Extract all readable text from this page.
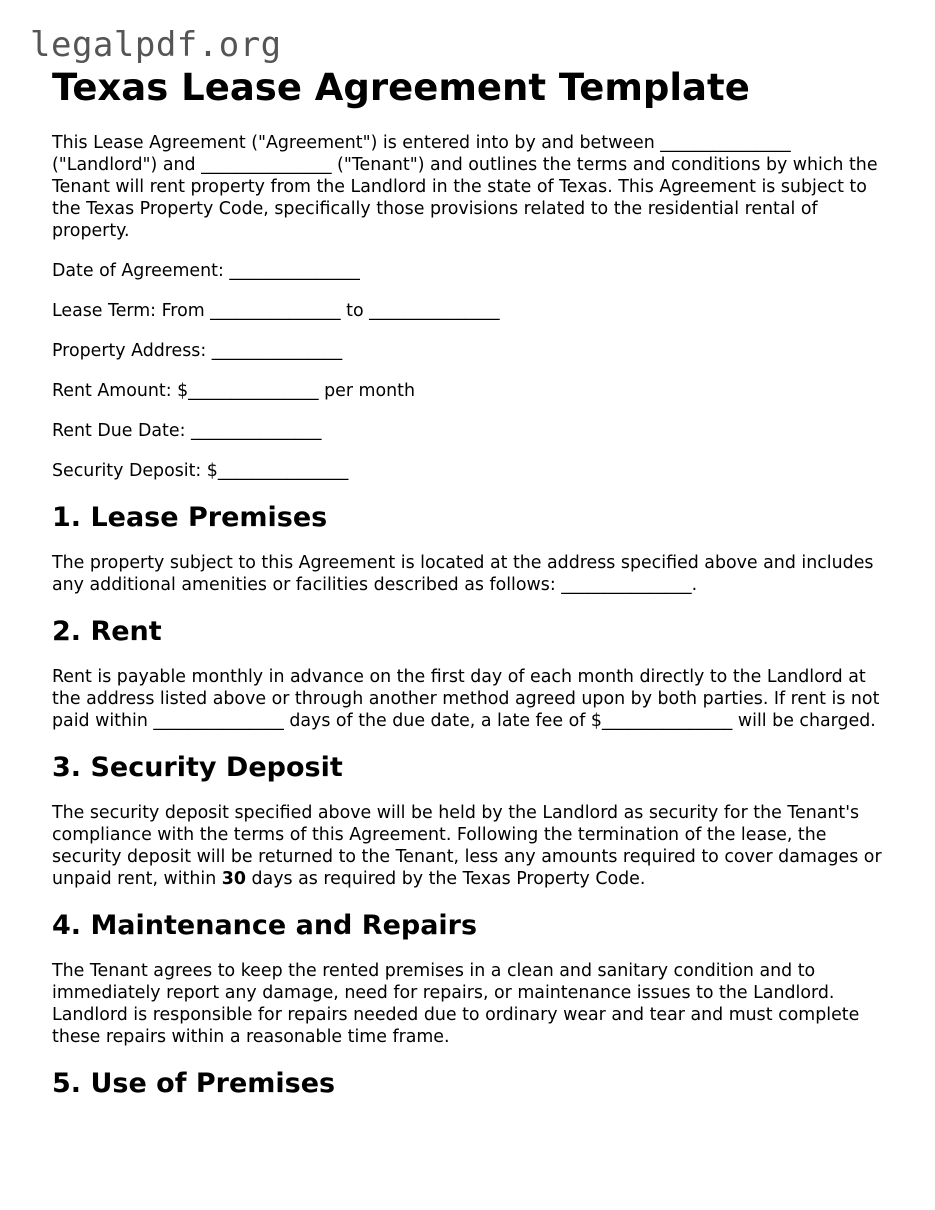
legalpdf.org
Texas Lease Agreement Template

This Lease Agreement ("Agreement") is entered into by and between _______________ ("Landlord") and _______________ ("Tenant") and outlines the terms and conditions by which the Tenant will rent property from the Landlord in the state of Texas. This Agreement is subject to the Texas Property Code, specifically those provisions related to the residential rental of property.

Date of Agreement: _______________

Lease Term: From _______________ to _______________

Property Address: _______________

Rent Amount: $_______________ per month

Rent Due Date: _______________

Security Deposit: $_______________

1. Lease Premises

The property subject to this Agreement is located at the address specified above and includes any additional amenities or facilities described as follows: _______________.

2. Rent

Rent is payable monthly in advance on the first day of each month directly to the Landlord at the address listed above or through another method agreed upon by both parties. If rent is not paid within _______________ days of the due date, a late fee of $_______________ will be charged.

3. Security Deposit

The security deposit specified above will be held by the Landlord as security for the Tenant's compliance with the terms of this Agreement. Following the termination of the lease, the security deposit will be returned to the Tenant, less any amounts required to cover damages or unpaid rent, within 30 days as required by the Texas Property Code.

4. Maintenance and Repairs

The Tenant agrees to keep the rented premises in a clean and sanitary condition and to immediately report any damage, need for repairs, or maintenance issues to the Landlord. Landlord is responsible for repairs needed due to ordinary wear and tear and must complete these repairs within a reasonable time frame.

5. Use of Premises
